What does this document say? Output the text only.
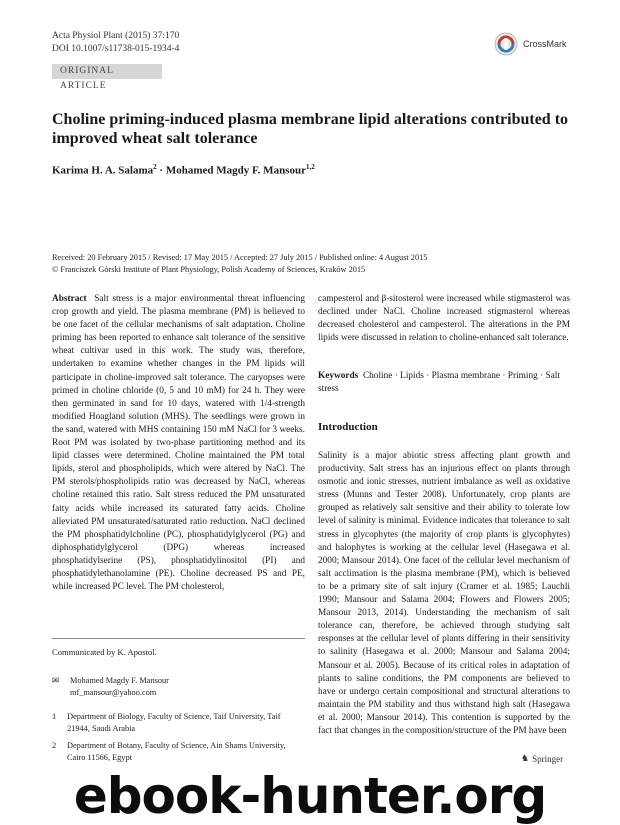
Acta Physiol Plant (2015) 37:170
DOI 10.1007/s11738-015-1934-4	CrossMark
ORIGINAL ARTICLE
Choline priming-induced plasma membrane lipid alterations contributed to improved wheat salt tolerance
Karima H. A. Salama$^2$ · Mohamed Magdy F. Mansour$^{1,2}$
Received: 20 February 2015 / Revised: 17 May 2015 / Accepted: 27 July 2015 / Published online: 4 August 2015
© Franciszek Górski Institute of Plant Physiology, Polish Academy of Sciences, Kraków 2015
Abstract Salt stress is a major environmental threat influencing crop growth and yield. The plasma membrane (PM) is believed to be one facet of the cellular mechanisms of salt adaptation. Choline priming has been reported to enhance salt tolerance of the sensitive wheat cultivar used in this work. The study was, therefore, undertaken to examine whether changes in the PM lipids will participate in choline-improved salt tolerance. The caryopses were primed in choline chloride (0, 5 and 10 mM) for 24 h. They were then germinated in sand for 10 days, watered with 1/4-strength modified Hoagland solution (MHS). The seedlings were grown in the sand, watered with MHS containing 150 mM NaCl for 3 weeks. Root PM was isolated by two-phase partitioning method and its lipid classes were determined. Choline maintained the PM total lipids, sterol and phospholipids, which were altered by NaCl. The PM sterols/phospholipids ratio was decreased by NaCl, whereas choline retained this ratio. Salt stress reduced the PM unsaturated fatty acids while increased its saturated fatty acids. Choline alleviated PM unsaturated/saturated ratio reduction. NaCl declined the PM phosphatidylcholine (PC), phosphatidylglycerol (PG) and diphosphatidylglycerol (DPG) whereas increased phosphatidylserine (PS), phosphatidylinositol (PI) and phosphatidylethanolamine (PE). Choline decreased PS and PE, while increased PC level. The PM cholesterol,
Communicated by K. Apostol.
✉ Mohamed Magdy F. Mansour
mf_mansour@yahoo.com
1	Department of Biology, Faculty of Science, Taif University, Taif 21944, Saudi Arabia
2	Department of Botany, Faculty of Science, Ain Shams University, Cairo 11566, Egypt
campesterol and β-sitosterol were increased while stigmasterol was declined under NaCl. Choline increased stigmasterol whereas decreased cholesterol and campesterol. The alterations in the PM lipids were discussed in relation to choline-enhanced salt tolerance.
Keywords Choline · Lipids · Plasma membrane · Priming · Salt stress
Introduction
Salinity is a major abiotic stress affecting plant growth and productivity. Salt stress has an injurious effect on plants through osmotic and ionic stresses, nutrient imbalance as well as oxidative stress (Munns and Tester 2008). Unfortunately, crop plants are grouped as relatively salt sensitive and their ability to tolerate low level of salinity is minimal. Evidence indicates that tolerance to salt stress in glycophytes (the majority of crop plants is glycophytes) and halophytes is working at the cellular level (Hasegawa et al. 2000; Mansour 2014). One facet of the cellular level mechanism of salt acclimation is the plasma membrane (PM), which is believed to be a primary site of salt injury (Cramer et al. 1985; Lauchli 1990; Mansour and Salama 2004; Flowers and Flowers 2005; Mansour 2013, 2014). Understanding the mechanism of salt tolerance can, therefore, be achieved through studying salt responses at the cellular level of plants differing in their sensitivity to salinity (Hasegawa et al. 2000; Mansour and Salama 2004; Mansour et al. 2005). Because of its critical roles in adaptation of plants to saline conditions, the PM components are believed to have or undergo certain compositional and structural alterations to maintain the PM stability and thus withstand high salt (Hasegawa et al. 2000; Mansour 2014). This contention is supported by the fact that changes in the composition/structure of the PM have been
♞ Springer
ebook-hunter.org
